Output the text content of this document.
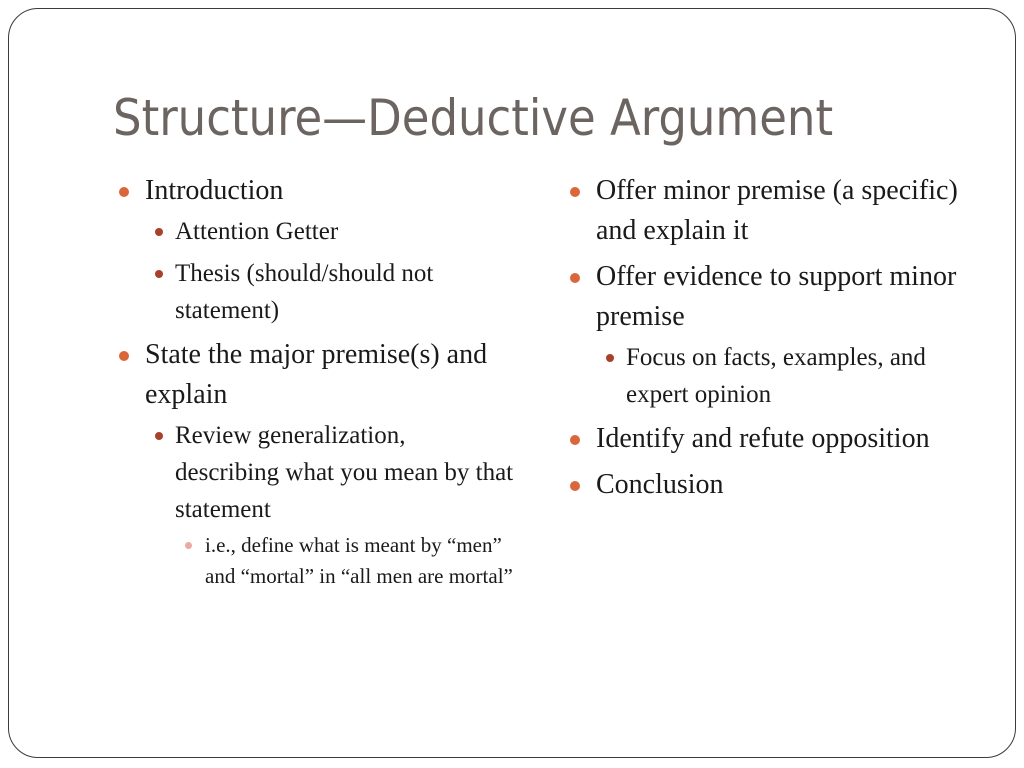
Structure—Deductive Argument
Introduction
Attention Getter
Thesis (should/should not statement)
State the major premise(s) and explain
Review generalization, describing what you mean by that statement
i.e., define what is meant by “men” and “mortal” in “all men are mortal”
Offer minor premise (a specific) and explain it
Offer evidence to support minor premise
Focus on facts, examples, and expert opinion
Identify and refute opposition
Conclusion
